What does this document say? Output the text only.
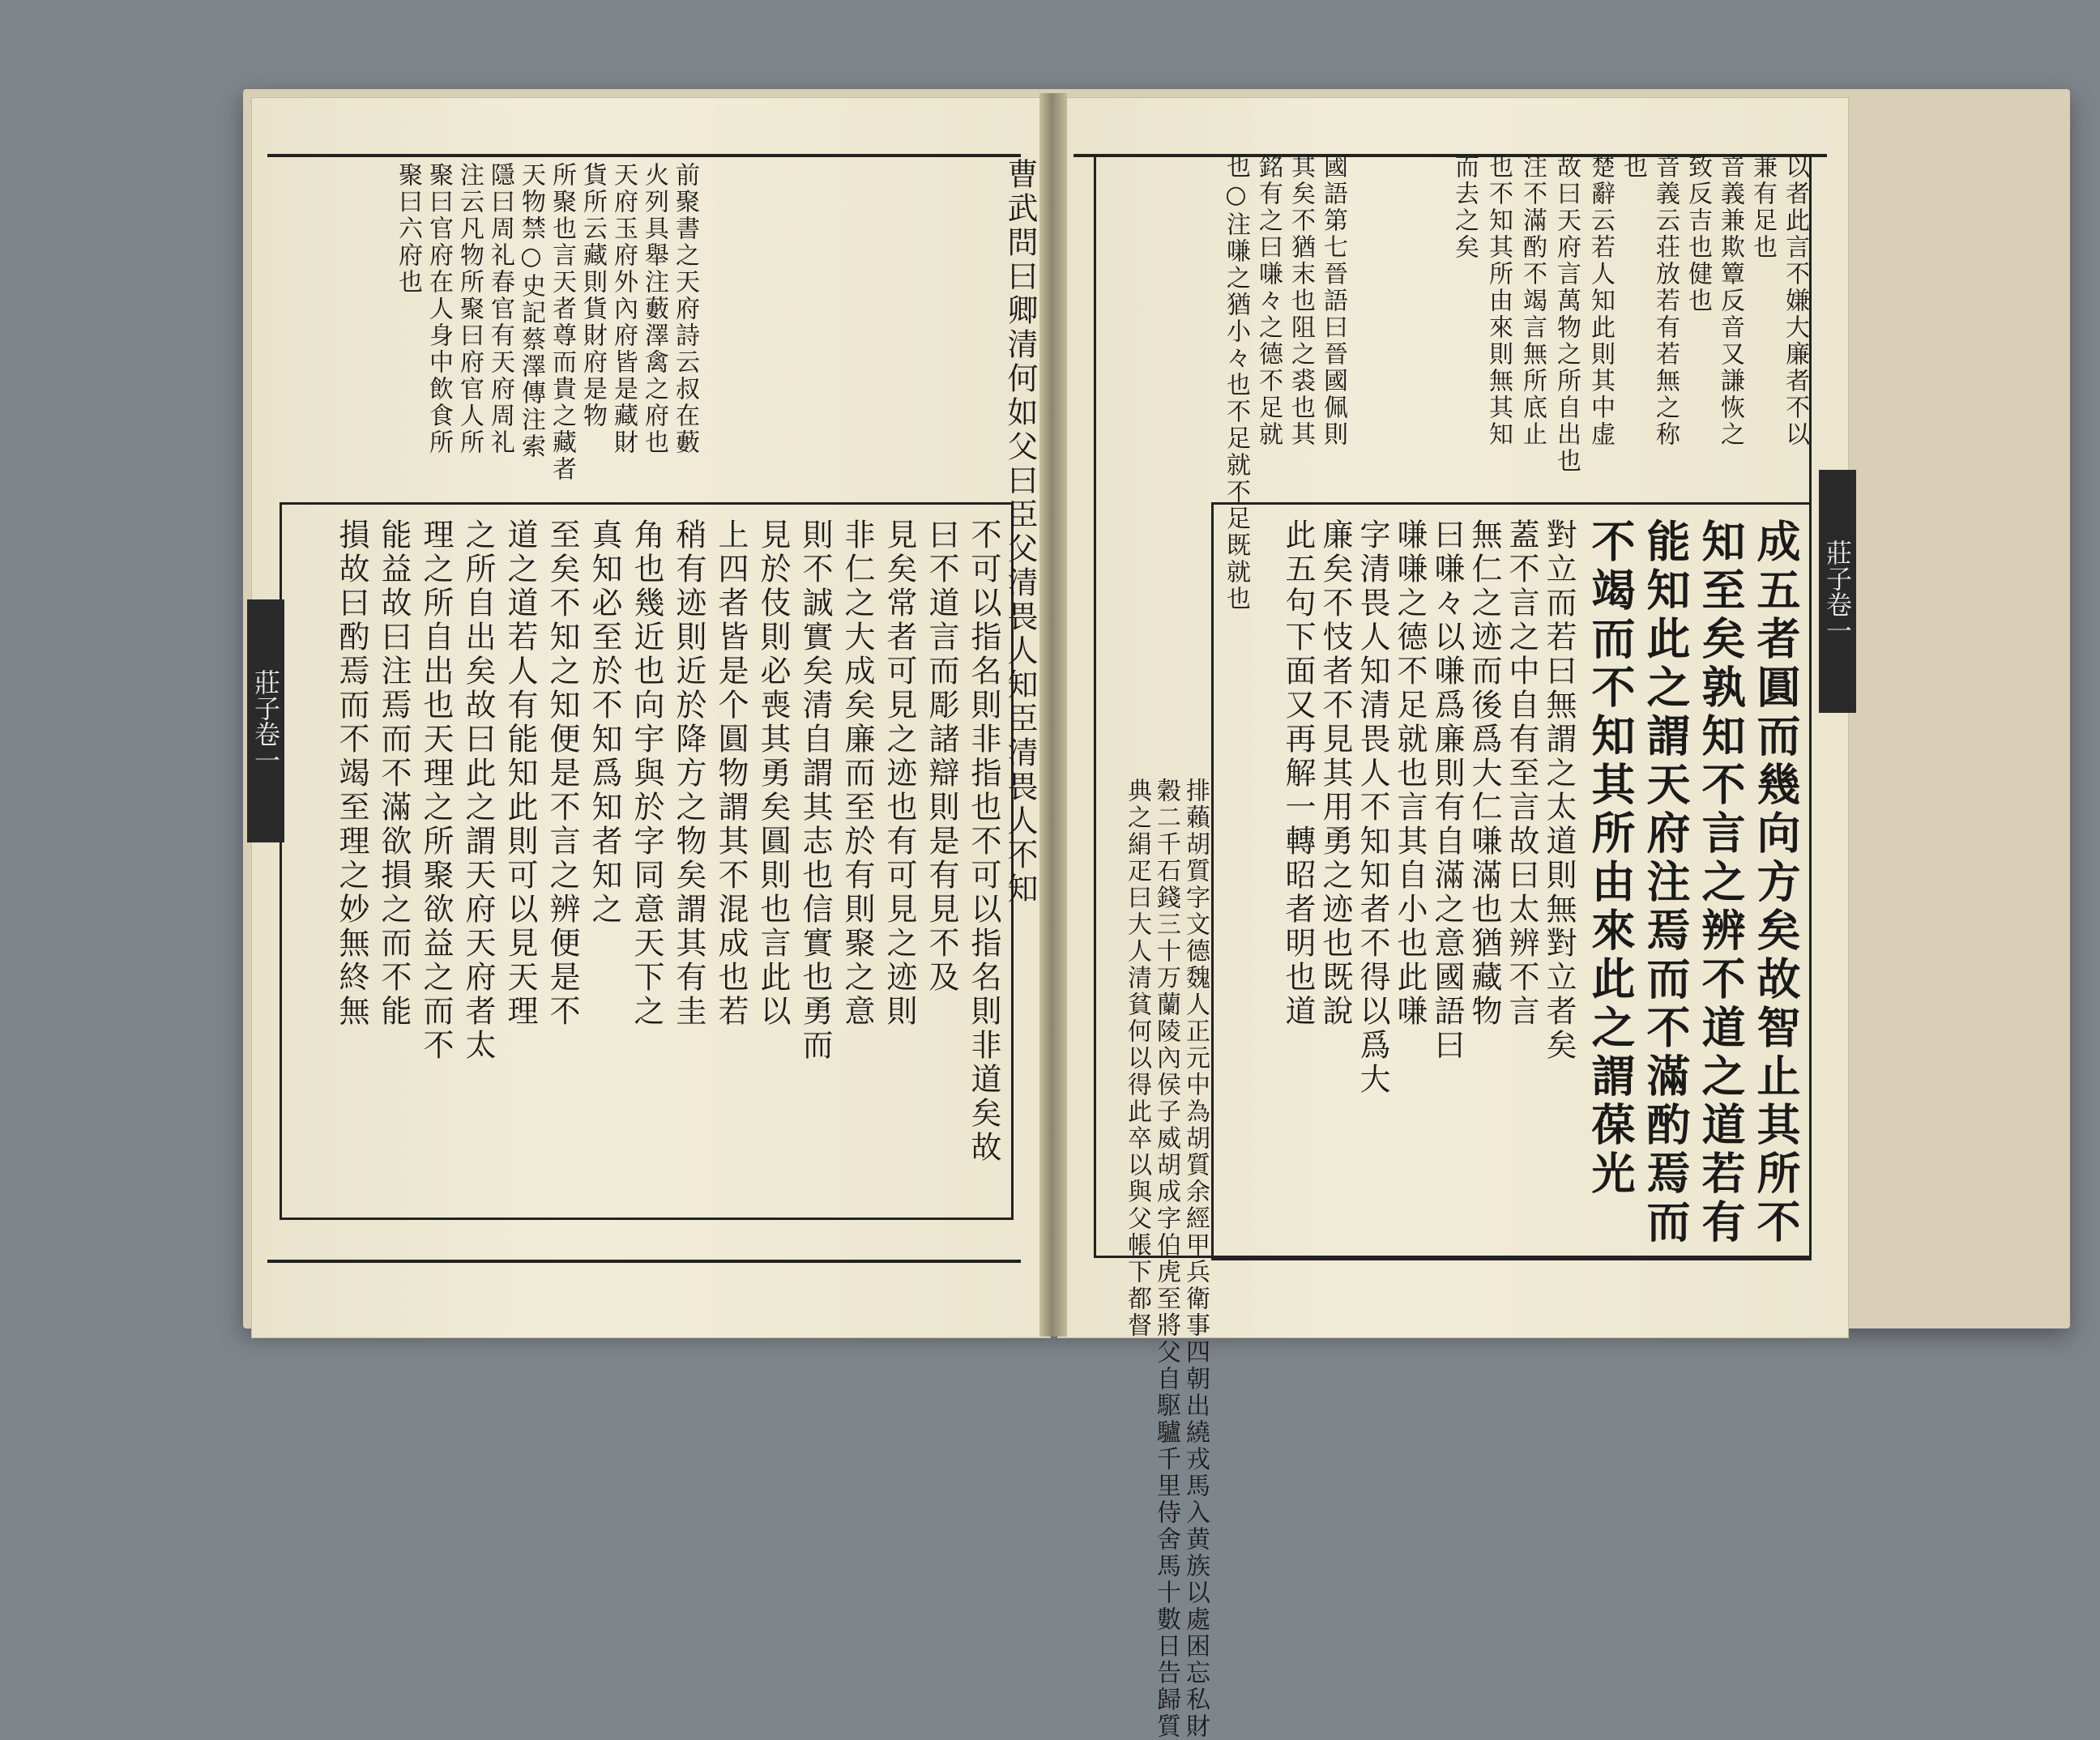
以者此言不嫌大廉者不以
兼有足也
音義兼欺簟反音又謙恢之
致反吉也健也
音義云荘放若有若無之称
也
楚辭云若人知此則其中虚
故曰天府言萬物之所自出也
注不滿酌不竭言無所底止
也不知其所由來則無其知
而去之矣
國語第七晉語曰晉國佩則
其矣不猶末也阻之裘也其
銘有之曰嗛々之德不足就
也○注嗛之猶小々也不足就不足既就也
排藾胡質字文德魏人正元中為胡質余經甲兵衛事四朝出繞戎馬入黄族以處困忘私財
穀二千石錢三十万蘭陵內侯子威胡成字伯虎至將父自駆驢千里侍舍馬十數日告歸質
典之絹疋曰大人清貧何以得此卒以與父帳下都督	成五者圓而幾向方矣故智止其所不
知至矣孰知不言之辨不道之道若有
能知此之謂天府注焉而不滿酌焉而
不竭而不知其所由來此之謂葆光
對立而若曰無謂之太道則無對立者矣
蓋不言之中自有至言故曰太辨不言
無仁之迹而後爲大仁嗛滿也猶藏物
曰嗛々以嗛爲廉則有自滿之意國語曰
嗛嗛之德不足就也言其自小也此嗛
字清畏人知清畏人不知知者不得以爲大
廉矣不忮者不見其用勇之迹也既說
此五句下面又再解一轉昭者明也道	莊子卷一
曹武問曰卿清何如父曰臣父清畏人知臣清畏人不知
前聚書之天府詩云叔在藪
火列具舉注藪澤禽之府也
天府玉府外內府皆是藏財
貨所云藏則貨財府是物
所聚也言天者尊而貴之藏者
天物禁○史記蔡澤傳注索
隱曰周礼春官有天府周礼
注云凡物所聚曰府官人所
聚曰官府在人身中飲食所
聚曰六府也
不可以指名則非指也不可以指名則非道矣故
曰不道言而彫諸辯則是有見不及
見矣常者可見之迹也有可見之迹則
非仁之大成矣廉而至於有則聚之意
則不誠實矣清自謂其志也信實也勇而
見於伎則必喪其勇矣圓則也言此以
上四者皆是个圓物謂其不混成也若
稍有迹則近於降方之物矣謂其有圭
角也幾近也向宇與於字同意天下之
真知必至於不知爲知者知之
至矣不知之知便是不言之辨便是不
道之道若人有能知此則可以見天理
之所自出矣故曰此之謂天府天府者太
理之所自出也天理之所聚欲益之而不
能益故曰注焉而不滿欲損之而不能
損故曰酌焉而不竭至理之妙無終無
莊子卷一
